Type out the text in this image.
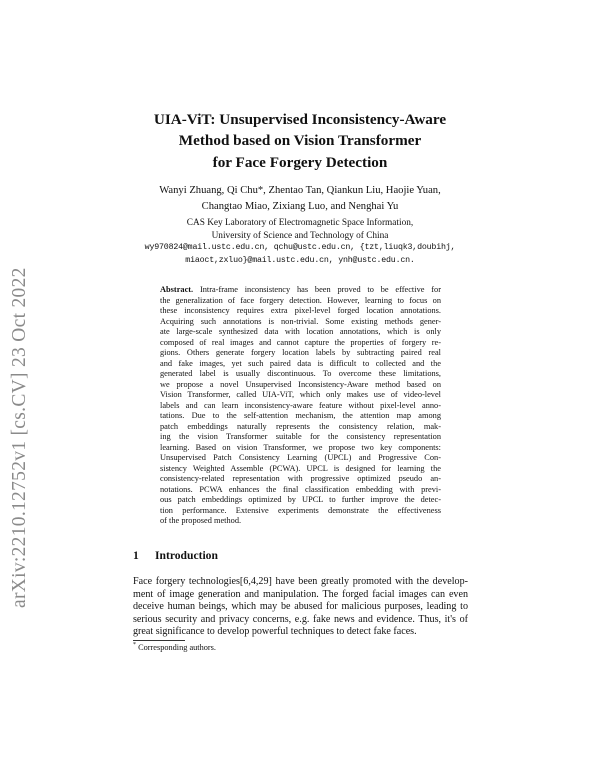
arXiv:2210.12752v1 [cs.CV] 23 Oct 2022
UIA-ViT: Unsupervised Inconsistency-Aware
Method based on Vision Transformer
for Face Forgery Detection
Wanyi Zhuang, Qi Chu*, Zhentao Tan, Qiankun Liu, Haojie Yuan,
Changtao Miao, Zixiang Luo, and Nenghai Yu
CAS Key Laboratory of Electromagnetic Space Information,
University of Science and Technology of China
wy970824@mail.ustc.edu.cn, qchu@ustc.edu.cn, {tzt,liuqk3,doubihj,
miaoct,zxluo}@mail.ustc.edu.cn, ynh@ustc.edu.cn.
Abstract. Intra-frame inconsistency has been proved to be effective for
the generalization of face forgery detection. However, learning to focus on
these inconsistency requires extra pixel-level forged location annotations.
Acquiring such annotations is non-trivial. Some existing methods gener-
ate large-scale synthesized data with location annotations, which is only
composed of real images and cannot capture the properties of forgery re-
gions. Others generate forgery location labels by subtracting paired real
and fake images, yet such paired data is difficult to collected and the
generated label is usually discontinuous. To overcome these limitations,
we propose a novel Unsupervised Inconsistency-Aware method based on
Vision Transformer, called UIA-ViT, which only makes use of video-level
labels and can learn inconsistency-aware feature without pixel-level anno-
tations. Due to the self-attention mechanism, the attention map among
patch embeddings naturally represents the consistency relation, mak-
ing the vision Transformer suitable for the consistency representation
learning. Based on vision Transformer, we propose two key components:
Unsupervised Patch Consistency Learning (UPCL) and Progressive Con-
sistency Weighted Assemble (PCWA). UPCL is designed for learning the
consistency-related representation with progressive optimized pseudo an-
notations. PCWA enhances the final classification embedding with previ-
ous patch embeddings optimized by UPCL to further improve the detec-
tion performance. Extensive experiments demonstrate the effectiveness
of the proposed method.
1 Introduction
Face forgery technologies[6,4,29] have been greatly promoted with the develop-
ment of image generation and manipulation. The forged facial images can even
deceive human beings, which may be abused for malicious purposes, leading to
serious security and privacy concerns, e.g. fake news and evidence. Thus, it's of
great significance to develop powerful techniques to detect fake faces.
* Corresponding authors.
